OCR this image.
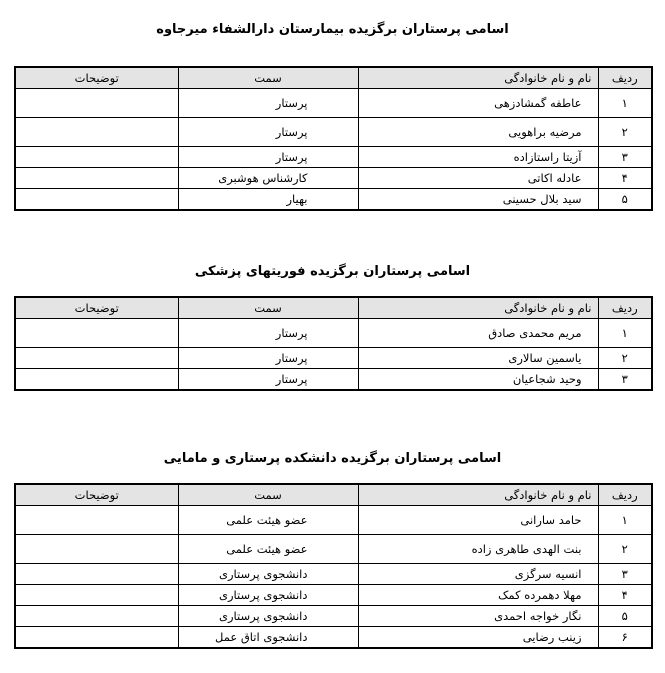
اسامی پرستاران برگزیده بیمارستان دارالشفاء میرجاوه
ردیف	نام و نام خانوادگی	سمت	توضیحات
۱	عاطفه گمشادزهی	پرستار	
۲	مرضیه براهویی	پرستار	
۳	آزیتا راستازاده	پرستار	
۴	عادله اکاتی	کارشناس هوشبری	
۵	سید بلال حسینی	بهیار	
اسامی پرستاران برگزیده فوریتهای پزشکی
ردیف	نام و نام خانوادگی	سمت	توضیحات
۱	مریم محمدی صادق	پرستار	
۲	یاسمین سالاری	پرستار	
۳	وحید شجاعیان	پرستار	
اسامی پرستاران برگزیده دانشکده پرستاری و مامایی
ردیف	نام و نام خانوادگی	سمت	توضیحات
۱	حامد سارانی	عضو هیئت علمی	
۲	بنت الهدی طاهری زاده	عضو هیئت علمی	
۳	انسیه سرگزی	دانشجوی پرستاری	
۴	مهلا دهمرده کمک	دانشجوی پرستاری	
۵	نگار خواجه احمدی	دانشجوی پرستاری	
۶	زینب رضایی	دانشجوی اتاق عمل	
